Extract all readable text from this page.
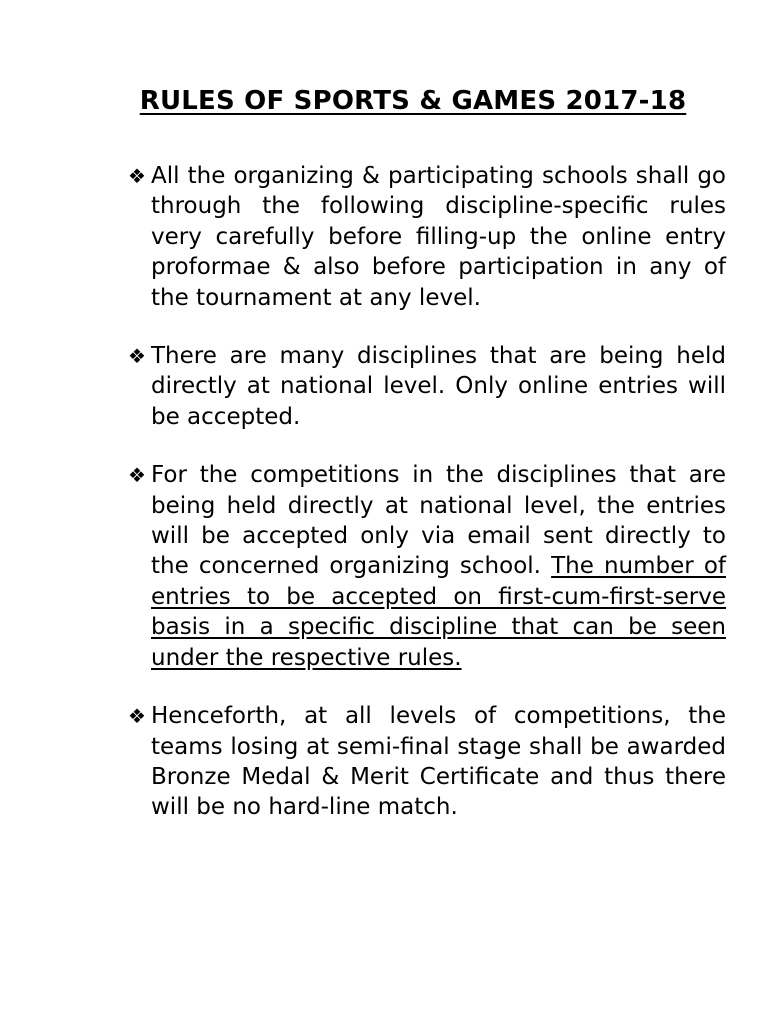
RULES OF SPORTS & GAMES 2017-18
❖ All the organizing & participating schools shall go through the following discipline-specific rules very carefully before filling-up the online entry proformae & also before participation in any of the tournament at any level.
❖ There are many disciplines that are being held directly at national level. Only online entries will be accepted.
❖ For the competitions in the disciplines that are being held directly at national level, the entries will be accepted only via email sent directly to the concerned organizing school. The number of entries to be accepted on first-cum-first-serve basis in a specific discipline that can be seen under the respective rules.
❖ Henceforth, at all levels of competitions, the teams losing at semi-final stage shall be awarded Bronze Medal & Merit Certificate and thus there will be no hard-line match.
